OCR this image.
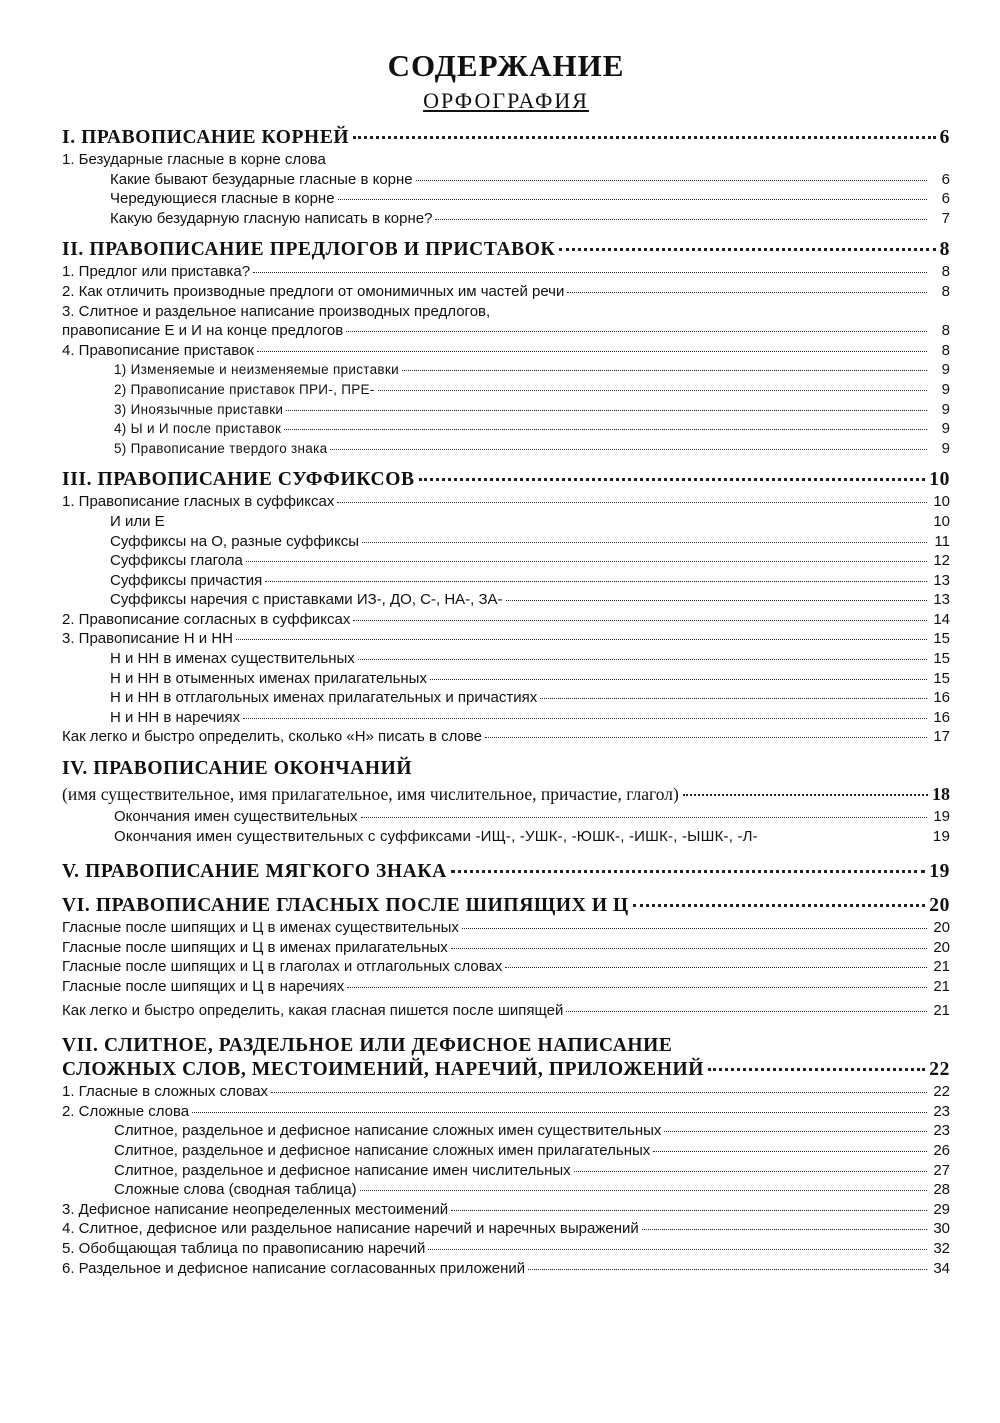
СОДЕРЖАНИЕ
ОРФОГРАФИЯ
I. ПРАВОПИСАНИЕ КОРНЕЙ	6
1. Безударные гласные в корне слова
Какие бывают безударные гласные в корне	6
Чередующиеся гласные в корне	6
Какую безударную гласную написать в корне?	7
II. ПРАВОПИСАНИЕ ПРЕДЛОГОВ И ПРИСТАВОК	8
1. Предлог или приставка?	8
2. Как отличить производные предлоги от омонимичных им частей речи	8
3. Слитное и раздельное написание производных предлогов,
правописание Е и И на конце предлогов	8
4. Правописание приставок	8
1) Изменяемые и неизменяемые приставки	9
2) Правописание приставок ПРИ-, ПРЕ-	9
3) Иноязычные приставки	9
4) Ы и И после приставок	9
5) Правописание твердого знака	9
III. ПРАВОПИСАНИЕ СУФФИКСОВ	10
1. Правописание гласных в суффиксах	10
И или Е	10
Суффиксы на О, разные суффиксы	11
Суффиксы глагола	12
Суффиксы причастия	13
Суффиксы наречия с приставками ИЗ-, ДО, С-, НА-, ЗА-	13
2. Правописание согласных в суффиксах	14
3. Правописание Н и НН	15
Н и НН в именах существительных	15
Н и НН в отыменных именах прилагательных	15
Н и НН в отглагольных именах прилагательных и причастиях	16
Н и НН в наречиях	16
Как легко и быстро определить, сколько «Н» писать в слове	17
IV. ПРАВОПИСАНИЕ ОКОНЧАНИЙ
(имя существительное, имя прилагательное, имя числительное, причастие, глагол)	18
Окончания имен существительных	19
Окончания имен существительных с суффиксами -ИЩ-, -УШК-, -ЮШК-, -ИШК-, -ЫШК-, -Л-	19
V. ПРАВОПИСАНИЕ МЯГКОГО ЗНАКА	19
VI. ПРАВОПИСАНИЕ ГЛАСНЫХ ПОСЛЕ ШИПЯЩИХ И Ц	20
Гласные после шипящих и Ц в именах существительных	20
Гласные после шипящих и Ц в именах прилагательных	20
Гласные после шипящих и Ц в глаголах и отглагольных словах	21
Гласные после шипящих и Ц в наречиях	21
Как легко и быстро определить, какая гласная пишется после шипящей	21
VII. СЛИТНОЕ, РАЗДЕЛЬНОЕ ИЛИ ДЕФИСНОЕ НАПИСАНИЕ
СЛОЖНЫХ СЛОВ, МЕСТОИМЕНИЙ, НАРЕЧИЙ, ПРИЛОЖЕНИЙ	22
1. Гласные в сложных словах	22
2. Сложные слова	23
Слитное, раздельное и дефисное написание сложных имен существительных	23
Слитное, раздельное и дефисное написание сложных имен прилагательных	26
Слитное, раздельное и дефисное написание имен числительных	27
Сложные слова (сводная таблица)	28
3. Дефисное написание неопределенных местоимений	29
4. Слитное, дефисное или раздельное написание наречий и наречных выражений	30
5. Обобщающая таблица по правописанию наречий	32
6. Раздельное и дефисное написание согласованных приложений	34
